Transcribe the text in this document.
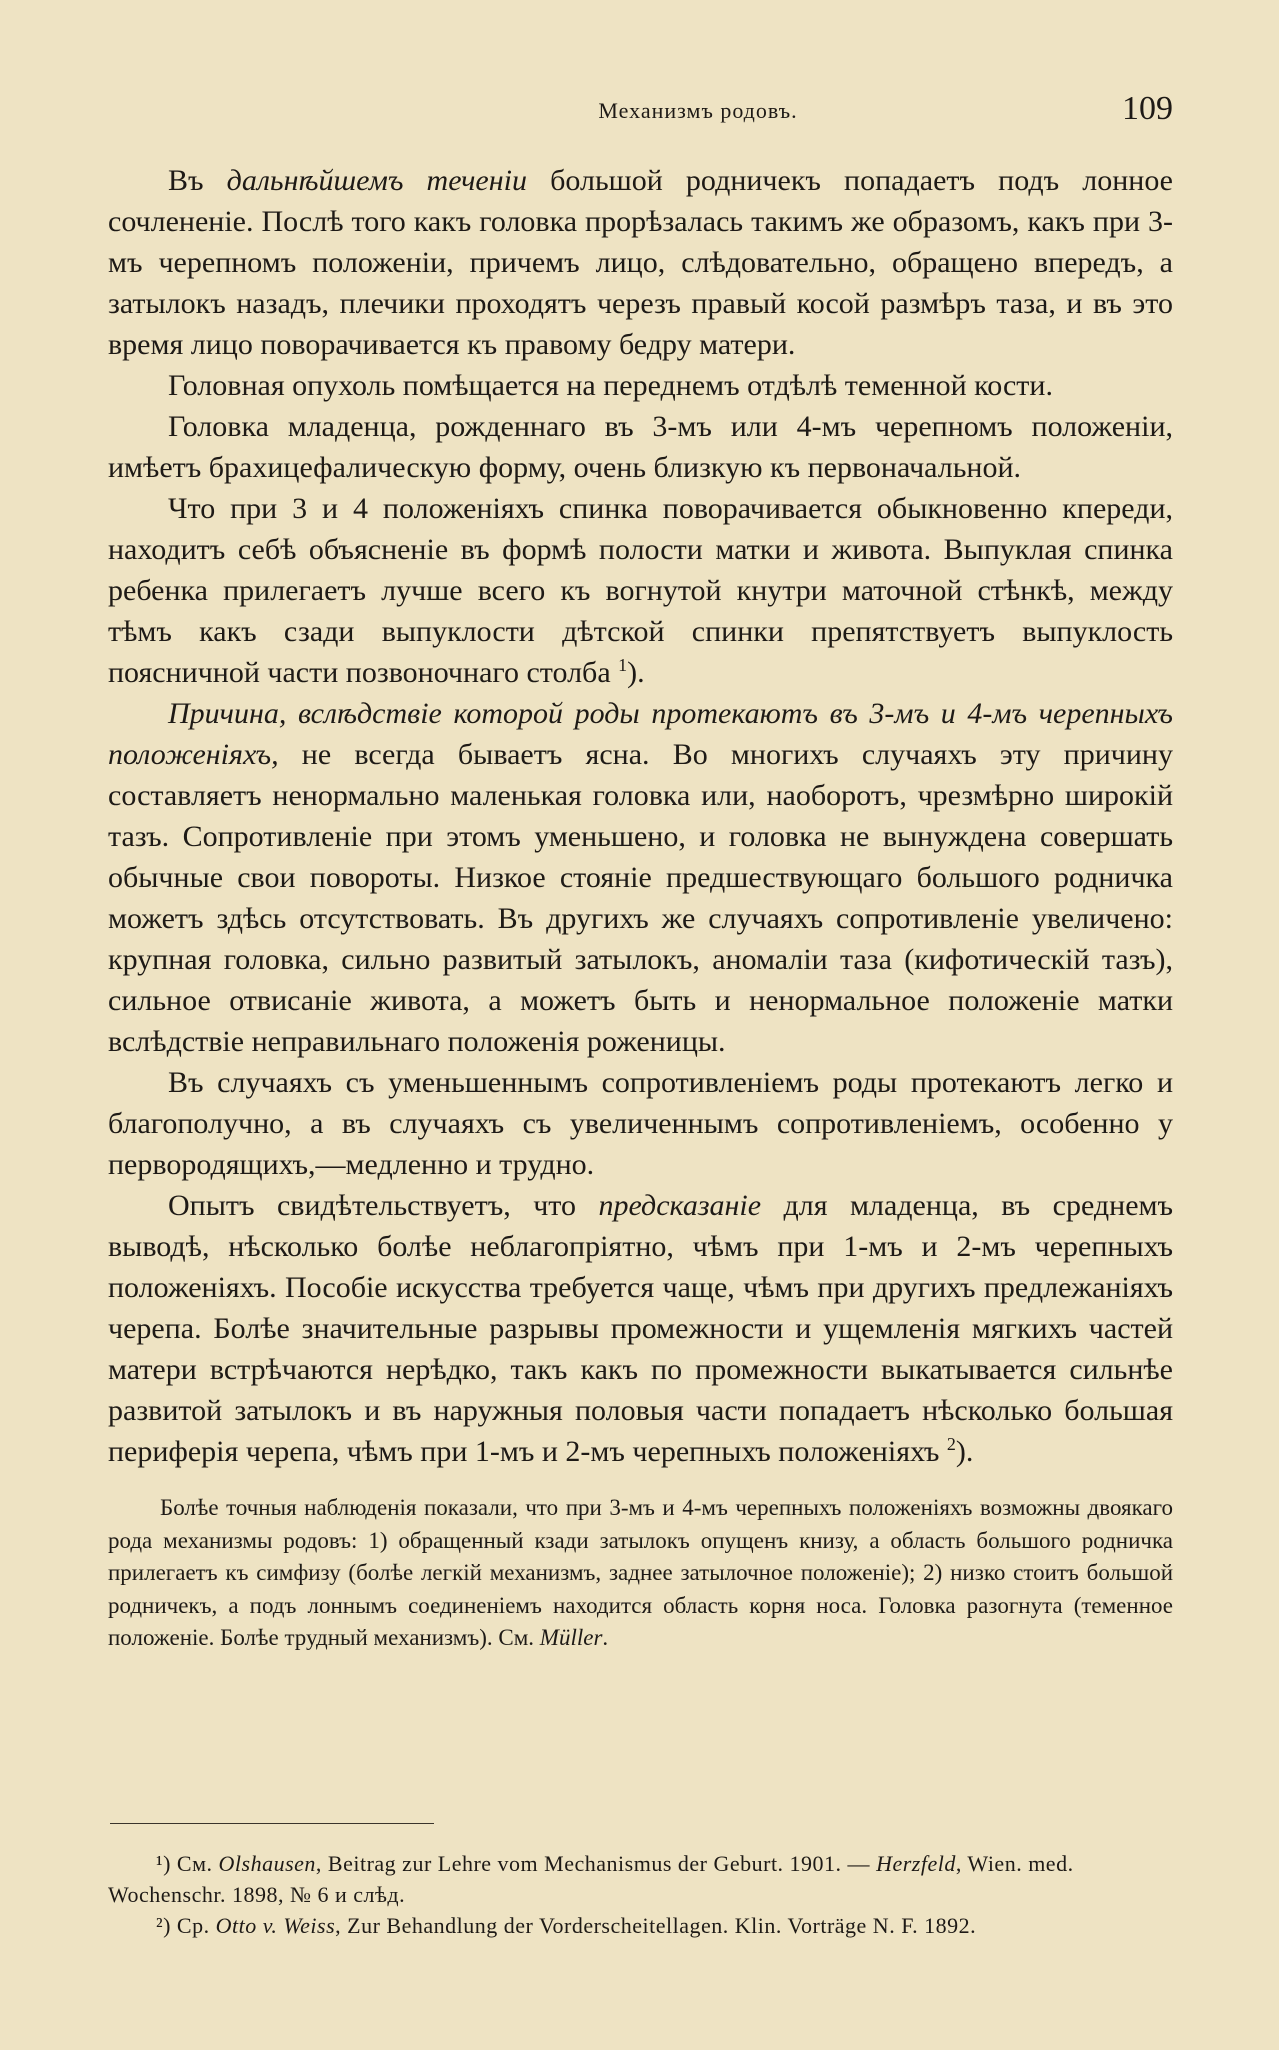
Механизмъ родовъ.	109

Въ дальнѣйшемъ теченіи большой родничекъ попадаетъ подъ лонное сочлененіе. Послѣ того какъ головка прорѣзалась такимъ же образомъ, какъ при 3-мъ черепномъ положеніи, причемъ лицо, слѣдовательно, обращено впередъ, а затылокъ назадъ, плечики проходятъ черезъ правый косой размѣръ таза, и въ это время лицо поворачивается къ правому бедру матери.

Головная опухоль помѣщается на переднемъ отдѣлѣ теменной кости.

Головка младенца, рожденнаго въ 3-мъ или 4-мъ черепномъ положеніи, имѣетъ брахицефалическую форму, очень близкую къ первоначальной.

Что при 3 и 4 положеніяхъ спинка поворачивается обыкновенно кпереди, находитъ себѣ объясненіе въ формѣ полости матки и живота. Выпуклая спинка ребенка прилегаетъ лучше всего къ вогнутой кнутри маточной стѣнкѣ, между тѣмъ какъ сзади выпуклости дѣтской спинки препятствуетъ выпуклость поясничной части позвоночнаго столба $^1$).

Причина, вслѣдствіе которой роды протекаютъ въ 3-мъ и 4-мъ черепныхъ положеніяхъ, не всегда бываетъ ясна. Во многихъ случаяхъ эту причину составляетъ ненормально маленькая головка или, наоборотъ, чрезмѣрно широкій тазъ. Сопротивленіе при этомъ уменьшено, и головка не вынуждена совершать обычные свои повороты. Низкое стояніе предшествующаго большого родничка можетъ здѣсь отсутствовать. Въ другихъ же случаяхъ сопротивленіе увеличено: крупная головка, сильно развитый затылокъ, аномаліи таза (кифотическій тазъ), сильное отвисаніе живота, а можетъ быть и ненормальное положеніе матки вслѣдствіе неправильнаго положенія роженицы.

Въ случаяхъ съ уменьшеннымъ сопротивленіемъ роды протекаютъ легко и благополучно, а въ случаяхъ съ увеличеннымъ сопротивленіемъ, особенно у первородящихъ,—медленно и трудно.

Опытъ свидѣтельствуетъ, что предсказаніе для младенца, въ среднемъ выводѣ, нѣсколько болѣе неблагопріятно, чѣмъ при 1-мъ и 2-мъ черепныхъ положеніяхъ. Пособіе искусства требуется чаще, чѣмъ при другихъ предлежаніяхъ черепа. Болѣе значительные разрывы промежности и ущемленія мягкихъ частей матери встрѣчаются нерѣдко, такъ какъ по промежности выкатывается сильнѣе развитой затылокъ и въ наружныя половыя части попадаетъ нѣсколько большая периферія черепа, чѣмъ при 1-мъ и 2-мъ черепныхъ положеніяхъ $^2$).

Болѣе точныя наблюденія показали, что при 3-мъ и 4-мъ черепныхъ положеніяхъ возможны двоякаго рода механизмы родовъ: 1) обращенный кзади затылокъ опущенъ книзу, а область большого родничка прилегаетъ къ симфизу (болѣе легкій механизмъ, заднее затылочное положеніе); 2) низко стоитъ большой родничекъ, а подъ лоннымъ соединеніемъ находится область корня носа. Головка разогнута (теменное положеніе. Болѣе трудный механизмъ). См. Müller.

¹) См. Olshausen, Beitrag zur Lehre vom Mechanismus der Geburt. 1901. — Herzfeld, Wien. med. Wochenschr. 1898, № 6 и слѣд.

²) Ср. Otto v. Weiss, Zur Behandlung der Vorderscheitellagen. Klin. Vorträge N. F. 1892.
